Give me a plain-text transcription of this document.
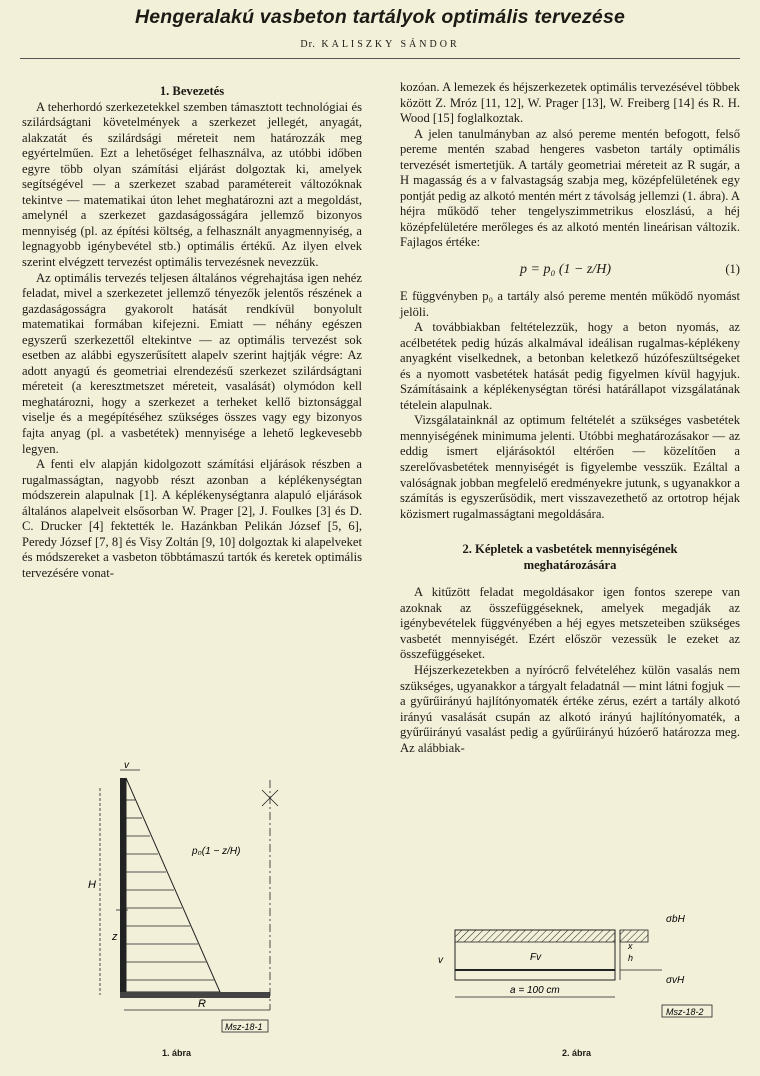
Hengeralakú vasbeton tartályok optimális tervezése
Dr. KALISZKY SÁNDOR

1. Bevezetés

A teherhordó szerkezetekkel szemben támasztott technológiai és szilárdságtani követelmények a szerkezet jellegét, anyagát, alakzatát és szilárdsági méreteit nem határozzák meg egyértelműen. Ezt a lehetőséget felhasználva, az utóbbi időben egyre több olyan számítási eljárást dolgoztak ki, amelyek segítségével — a szerkezet szabad paramétereit változóknak tekintve — matematikai úton lehet meghatározni azt a megoldást, amelynél a szerkezet gazdaságosságára jellemző bizonyos mennyiség (pl. az építési költség, a felhasznált anyagmennyiség, a legnagyobb igénybevétel stb.) optimális értékű. Az ilyen elvek szerint elvégzett tervezést optimális tervezésnek nevezzük.

Az optimális tervezés teljesen általános végrehajtása igen nehéz feladat, mivel a szerkezetet jellemző tényezők jelentős részének a gazdaságosságra gyakorolt hatását rendkívül bonyolult matematikai formában kifejezni. Emiatt — néhány egészen egyszerű szerkezettől eltekintve — az optimális tervezést sok esetben az alábbi egyszerűsített alapelv szerint hajtják végre: Az adott anyagú és geometriai elrendezésű szerkezet szilárdságtani méreteit (a keresztmetszet méreteit, vasalását) olymódon kell meghatározni, hogy a szerkezet a terheket kellő biztonsággal viselje és a megépítéséhez szükséges összes vagy egy bizonyos fajta anyag (pl. a vasbetétek) mennyisége a lehető legkevesebb legyen.

A fenti elv alapján kidolgozott számítási eljárások részben a rugalmasságtan, nagyobb részt azonban a képlékenységtan módszerein alapulnak [1]. A képlékenységtanra alapuló eljárások általános alapelveit elsősorban W. Prager [2], J. Foulkes [3] és D. C. Drucker [4] fektették le. Hazánkban Pelikán József [5, 6], Peredy József [7, 8] és Visy Zoltán [9, 10] dolgoztak ki alapelveket és módszereket a vasbeton többtámaszú tartók és keretek optimális tervezésére vonat-

kozóan. A lemezek és héjszerkezetek optimális tervezésével többek között Z. Mróz [11, 12], W. Prager [13], W. Freiberg [14] és R. H. Wood [15] foglalkoztak.

A jelen tanulmányban az alsó pereme mentén befogott, felső pereme mentén szabad hengeres vasbeton tartály optimális tervezését ismertetjük. A tartály geometriai méreteit az R sugár, a H magasság és a v falvastagság szabja meg, középfelületének egy pontját pedig az alkotó mentén mért z távolság jellemzi (1. ábra). A héjra működő teher tengelyszimmetrikus eloszlású, a héj középfelületére merőleges és az alkotó mentén lineárisan változik. Fajlagos értéke:

p = p₀ (1 − z/H)	(1)

E függvényben p₀ a tartály alsó pereme mentén működő nyomást jelöli.

A továbbiakban feltételezzük, hogy a beton nyomás, az acélbetétek pedig húzás alkalmával ideálisan rugalmas-képlékeny anyagként viselkednek, a betonban keletkező húzófeszültségeket és a nyomott vasbetétek hatását pedig figyelmen kívül hagyjuk. Számításaink a képlékenységtan törési határállapot vizsgálatának tételein alapulnak.

Vizsgálatainknál az optimum feltételét a szükséges vasbetétek mennyiségének minimuma jelenti. Utóbbi meghatározásakor — az eddig ismert eljárásoktól eltérően — közelítően a szerelővasbetétek mennyiségét is figyelembe vesszük. Ezáltal a valóságnak jobban megfelelő eredményekre jutunk, s ugyanakkor a számítás is egyszerűsödik, mert visszavezethető az ortotrop héjak közismert rugalmasságtani megoldására.

2. Képletek a vasbetétek mennyiségének
meghatározására

A kitűzött feladat megoldásakor igen fontos szerepe van azoknak az összefüggéseknek, amelyek megadják az igénybevételek függvényében a héj egyes metszeteiben szükséges vasbetét mennyiségét. Ezért először vezessük le ezeket az összefüggéseket.

Héjszerkezetekben a nyírócrő felvételéhez külön vasalás nem szükséges, ugyanakkor a tárgyalt feladatnál — mint látni fogjuk — a gyűrűirányú hajlítónyomaték értéke zérus, ezért a tartály alkotó irányú vasalását csupán az alkotó irányú hajlítónyomaték, a gyűrűirányú vasalást pedig a gyűrűirányú húzóerő határozza meg. Az alábbiak-

v
H
z
p₀(1 − z/H)
R
Msz-18-1
1. ábra
v	Fv
x
h
σbH
σvH
a = 100 cm
Msz-18-2
2. ábra
